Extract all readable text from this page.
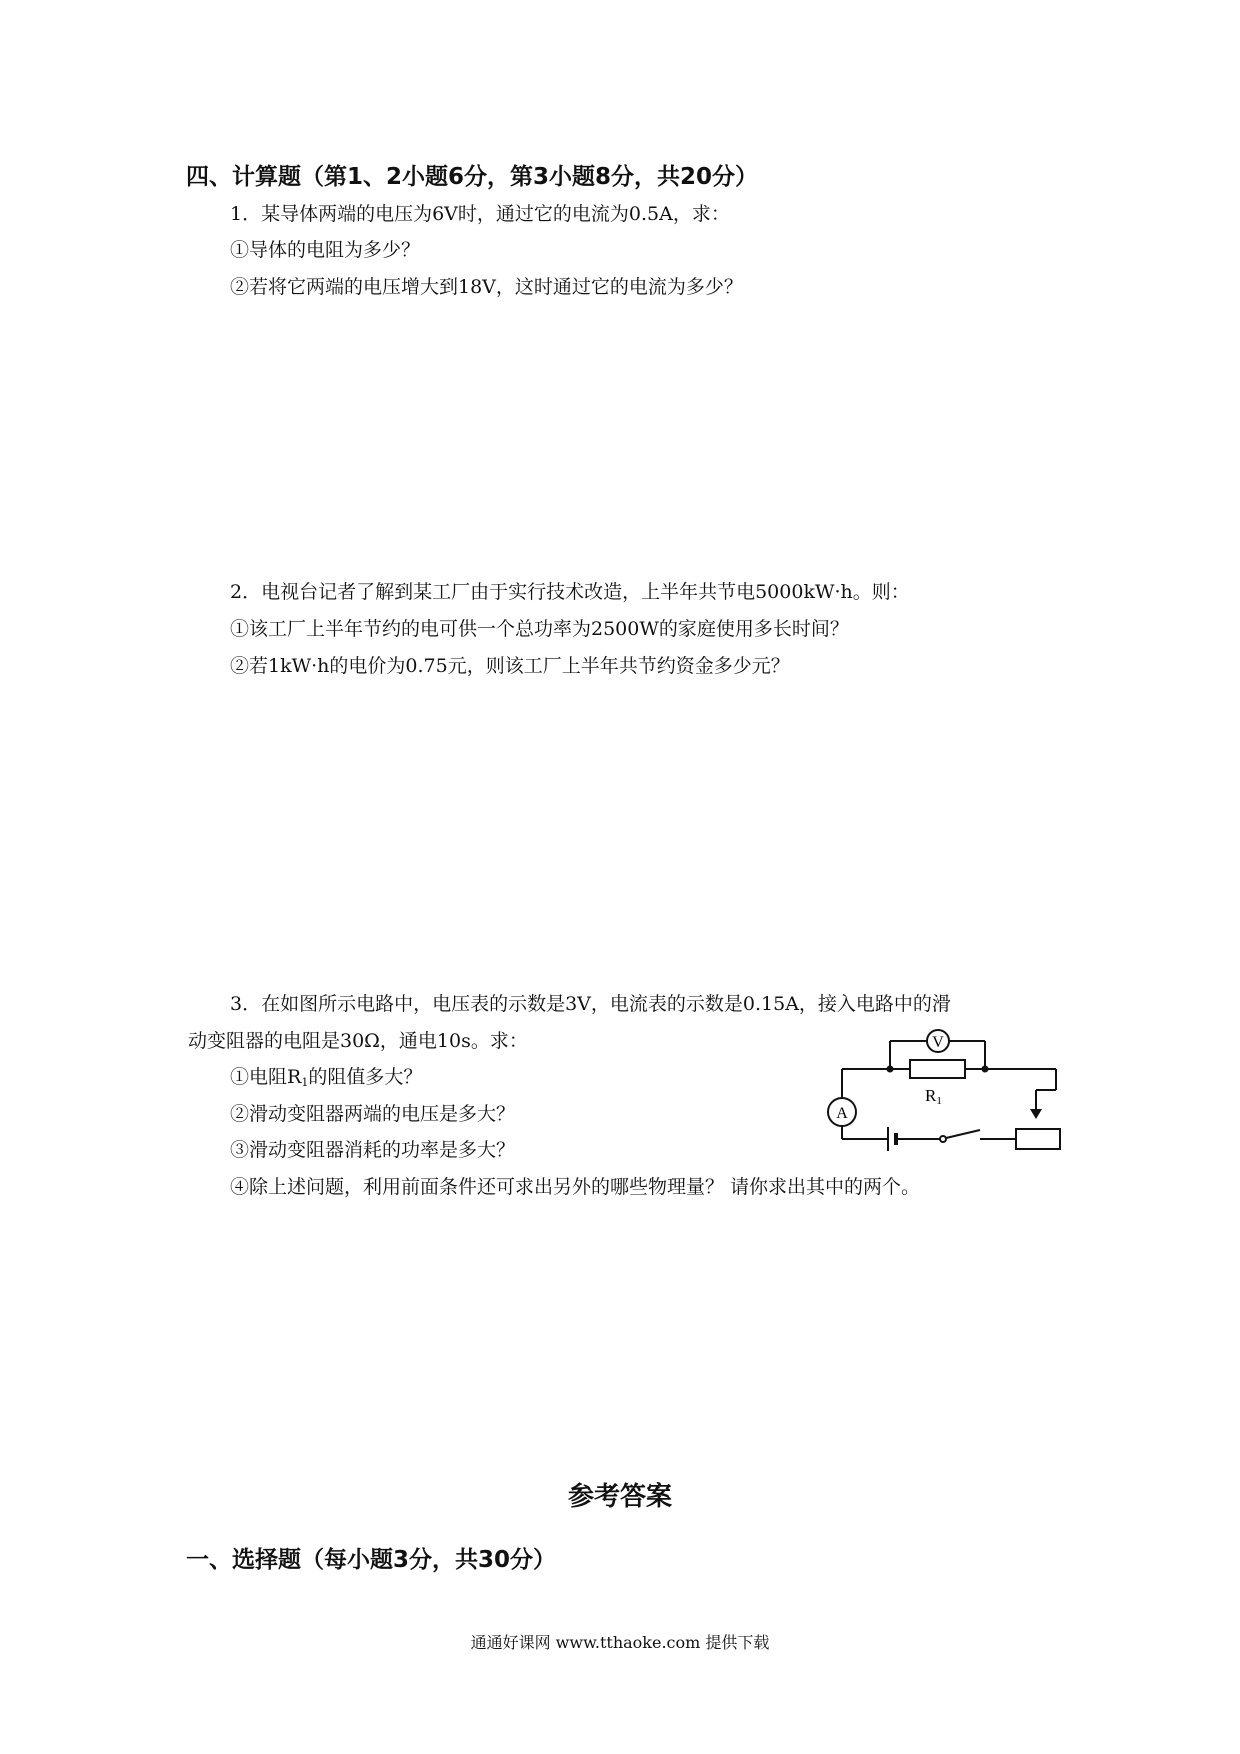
四、计算题（第1、2小题6分，第3小题8分，共20分）
1．某导体两端的电压为6V时，通过它的电流为0.5A，求：
①导体的电阻为多少？
②若将它两端的电压增大到18V，这时通过它的电流为多少？
2．电视台记者了解到某工厂由于实行技术改造，上半年共节电5000kW·h。则：
①该工厂上半年节约的电可供一个总功率为2500W的家庭使用多长时间？
②若1kW·h的电价为0.75元，则该工厂上半年共节约资金多少元？
3．在如图所示电路中，电压表的示数是3V，电流表的示数是0.15A，接入电路中的滑
动变阻器的电阻是30Ω，通电10s。求：
①电阻$R_1$的阻值多大？
②滑动变阻器两端的电压是多大？
③滑动变阻器消耗的功率是多大？
④除上述问题，利用前面条件还可求出另外的哪些物理量？ 请你求出其中的两个。
V
A
R1
参考答案
一、选择题（每小题3分，共30分）
通通好课网 www.tthaoke.com 提供下载
